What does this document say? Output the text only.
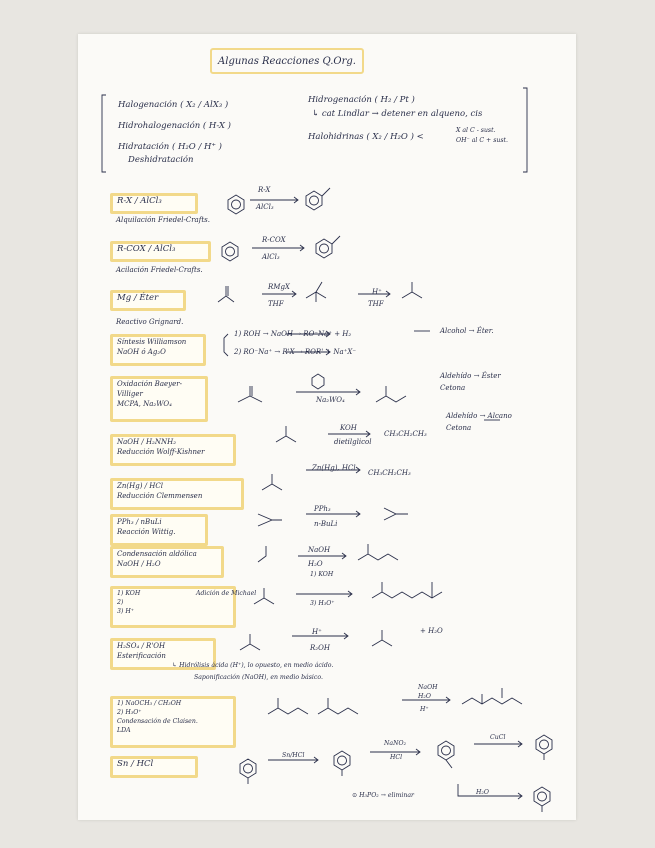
Algunas Reacciones Q.Org.
Halogenación ( X₂ / AlX₃ )
Hidrohalogenación ( H-X )
Hidratación ( H₂O / H⁺ )
Deshidratación
Hidrogenación ( H₂ / Pt )
↳ cat Lindlar → detener en alqueno, cis
Halohidrinas ( X₂ / H₂O ) <
X al C - sust.
OH⁻ al C + sust.
R-X / AlCl₃
Alquilación Friedel-Crafts.
R-X
AlCl₃
R-COX / AlCl₃
Acilación Friedel-Crafts.
R-COX
AlCl₃
Mg / Éter
Reactivo Grignard.
RMgX
THF
H⁺
THF
Síntesis Williamson
NaOH ó Ag₂O
1) ROH → NaOH → RO⁻Na⁺ + H₂
2) RO⁻Na⁺ → R'X → ROR' + Na⁺X⁻
Alcohol → Éter.
Oxidación Baeyer-
Villiger
MCPA, Na₂WO₄
Na₂WO₄
Aldehído → Éster
Cetona
NaOH / H₂NNH₂
Reducción Wolff-Kishner
KOH
dietilglicol
CH₃CH₂CH₃
Aldehído → Alcano
Cetona
Zn(Hg) / HCl
Reducción Clemmensen
Zn(Hg), HCl
CH₃CH₂CH₃
PPh₃ / nBuLi
Reacción Wittig.
PPh₃
n-BuLi
Condensación aldólica
NaOH / H₂O
NaOH
H₂O
1) KOH
2)
3) H⁺
Adición de Michael
1) KOH
3) H₃O⁺
H₂SO₄ / R'OH
Esterificación
H⁺
R₂OH
+ H₂O
↳ Hidrólisis ácida (H⁺), lo opuesto, en medio ácido.
Saponificación (NaOH), en medio básico.
1) NaOCH₃ / CH₃OH
2) H₃O⁺
Condensación de Claisen.
LDA
NaOH
H₂O
H⁺
Sn / HCl
Sn/HCl
NaNO₂
HCl
CuCl
H₂O
⊙ H₃PO₂ → eliminar
